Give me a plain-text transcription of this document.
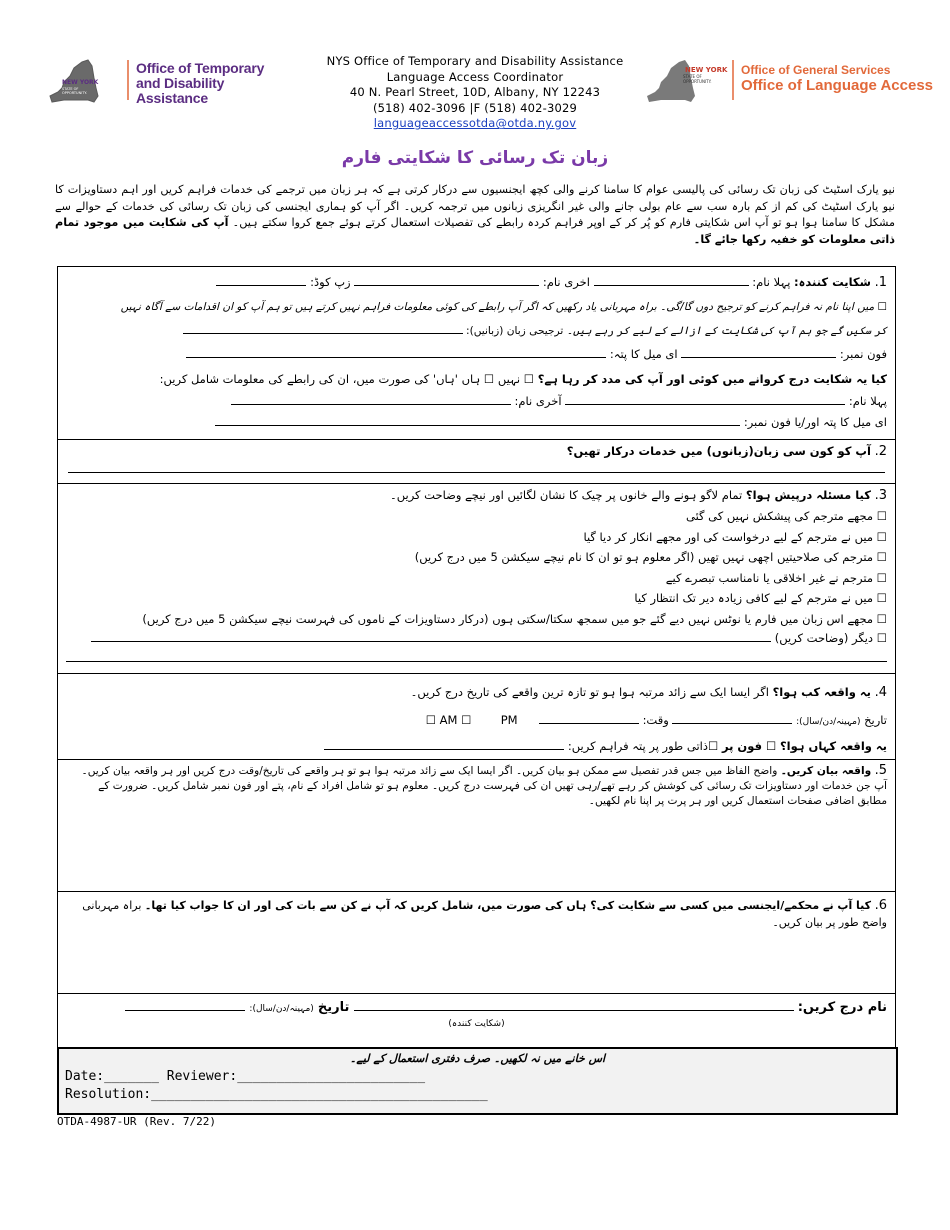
NEW YORK
STATE OF
OPPORTUNITY.
Office of Temporary
and Disability Assistance
NEW YORK
STATE OF
OPPORTUNITY.
Office of General Services
Office of Language Access
NYS Office of Temporary and Disability Assistance
Language Access Coordinator
40 N. Pearl Street, 10D, Albany, NY 12243
(518) 402-3096 |F (518) 402-3029
languageaccessotda@otda.ny.gov
زبان تک رسائی کا شکایتی فارم
نیو یارک اسٹیٹ کی زبان تک رسائی کی پالیسی عوام کا سامنا کرنے والی کچھ ایجنسیوں سے درکار کرتی ہے کہ ہر زبان میں ترجمے کی خدمات فراہم کریں اور اہم دستاویزات کا نیو یارک اسٹیٹ کی کم از کم بارہ سب سے عام بولی جانے والی غیر انگریزی زبانوں میں ترجمہ کریں۔ اگر آپ کو ہماری ایجنسی کی زبان تک رسائی کی خدمات کے حوالے سے مشکل کا سامنا ہوا ہو تو آپ اس شکایتی فارم کو پُر کر کے اوپر فراہم کردہ رابطے کی تفصیلات استعمال کرتے ہوئے جمع کروا سکتے ہیں۔ آپ کی شکایت میں موجود تمام ذاتی معلومات کو خفیہ رکھا جائے گا۔
1. شکایت کنندہ: پہلا نام:  اخری نام:  زپ کوڈ:
☐ میں اپنا نام نہ فراہم کرنے کو ترجیح دوں گا/گی۔ براہ مہربانی یاد رکھیں کہ اگر آپ رابطے کی کوئی معلومات فراہم نہیں کرتے ہیں تو ہم آپ کو ان اقدامات سے آگاہ نہیں
کر سکیں گے جو ہم آپ کی شکایت کے ازالے کے لیے کر رہے ہیں۔ ترجیحی زبان (زبانیں):
فون نمبر:  ای میل کا پتہ:
کیا یہ شکایت درج کروانے میں کوئی اور آپ کی مدد کر رہا ہے؟ ☐ نہیں ☐ ہاں 'ہاں' کی صورت میں، ان کی رابطے کی معلومات شامل کریں:
پہلا نام:  آخری نام:
ای میل کا پتہ اور/یا فون نمبر:
2. آپ کو کون سی زبان(زبانوں) میں خدمات درکار تھیں؟
3. کیا مسئلہ درپیش ہوا؟ تمام لاگو ہونے والے خانوں پر چیک کا نشان لگائیں اور نیچے وضاحت کریں۔
☐ مجھے مترجم کی پیشکش نہیں کی گئی
☐ میں نے مترجم کے لیے درخواست کی اور مجھے انکار کر دیا گیا
☐ مترجم کی صلاحیتیں اچھی نہیں تھیں (اگر معلوم ہو تو ان کا نام نیچے سیکشن 5 میں درج کریں)
☐ مترجم نے غیر اخلاقی یا نامناسب تبصرے کیے
☐ میں نے مترجم کے لیے کافی زیادہ دیر تک انتظار کیا
☐ مجھے اس زبان میں فارم یا نوٹس نہیں دیے گئے جو میں سمجھ سکتا/سکتی ہوں (درکار دستاویزات کے ناموں کی فہرست نیچے سیکشن 5 میں درج کریں)
☐ دیگر (وضاحت کریں)
4. یہ واقعہ کب ہوا؟ اگر ایسا ایک سے زائد مرتبہ ہوا ہو تو تازہ ترین واقعے کی تاریخ درج کریں۔
تاریخ (مہینہ/دن/سال):  وقت:   AM ☐  PM ☐
یہ واقعہ کہاں ہوا؟ ☐ فون پر ☐ذاتی طور پر پتہ فراہم کریں:
5. واقعہ بیان کریں۔ واضح الفاظ میں جس قدر تفصیل سے ممکن ہو بیان کریں۔ اگر ایسا ایک سے زائد مرتبہ ہوا ہو تو ہر واقعے کی تاریخ/وقت درج کریں اور ہر واقعہ بیان کریں۔ آپ جن خدمات اور دستاویزات تک رسائی کی کوشش کر رہے تھے/رہی تھیں ان کی فہرست درج کریں۔ معلوم ہو تو شامل افراد کے نام، پتے اور فون نمبر شامل کریں۔ ضرورت کے مطابق اضافی صفحات استعمال کریں اور ہر پرت پر اپنا نام لکھیں۔
6. کیا آپ نے محکمے/ایجنسی میں کسی سے شکایت کی؟ ہاں کی صورت میں، شامل کریں کہ آپ نے کن سے بات کی اور ان کا جواب کیا تھا۔ براہ مہربانی واضح طور پر بیان کریں۔
نام درج کریں:  تاریخ (مہینہ/دن/سال):
(شکایت کنندہ)
اس خانے میں نہ لکھیں۔ صرف دفتری استعمال کے لیے۔
Date:_______ Reviewer:________________________
Resolution:___________________________________________
OTDA-4987-UR (Rev. 7/22)
